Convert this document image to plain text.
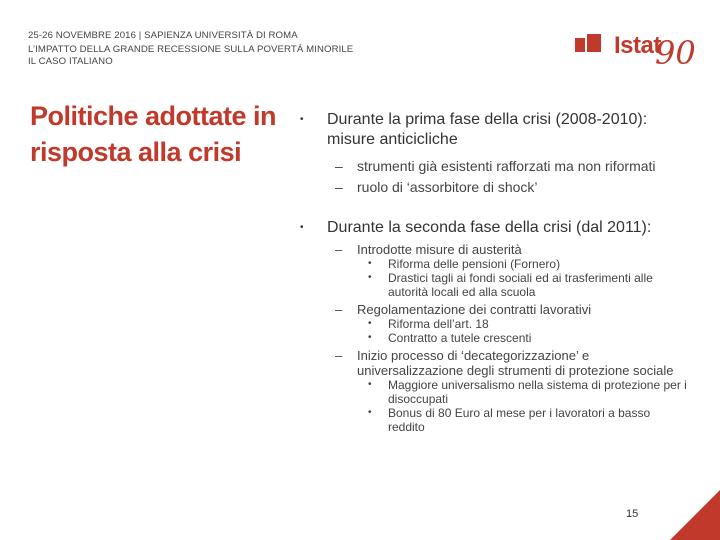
25-26 NOVEMBRE 2016 | SAPIENZA UNIVERSITÀ DI ROMA
L’IMPATTO DELLA GRANDE RECESSIONE SULLA POVERTÁ MINORILE
IL CASO ITALIANO
Istat
90
Politiche adottate in risposta alla crisi
• Durante la prima fase della crisi (2008-2010): misure anticicliche
– strumenti già esistenti rafforzati ma non riformati
– ruolo di ‘assorbitore di shock’
• Durante la seconda fase della crisi (dal 2011):
– Introdotte misure di austerità
• Riforma delle pensioni (Fornero)
• Drastici tagli ai fondi sociali ed ai trasferimenti alle autorità locali ed alla scuola
– Regolamentazione dei contratti lavorativi
• Riforma dell’art. 18
• Contratto a tutele crescenti
– Inizio processo di ‘decategorizzazione’ e universalizzazione degli strumenti di protezione sociale
• Maggiore universalismo nella sistema di protezione per i disoccupati
• Bonus di 80 Euro al mese per i lavoratori a basso reddito
15
